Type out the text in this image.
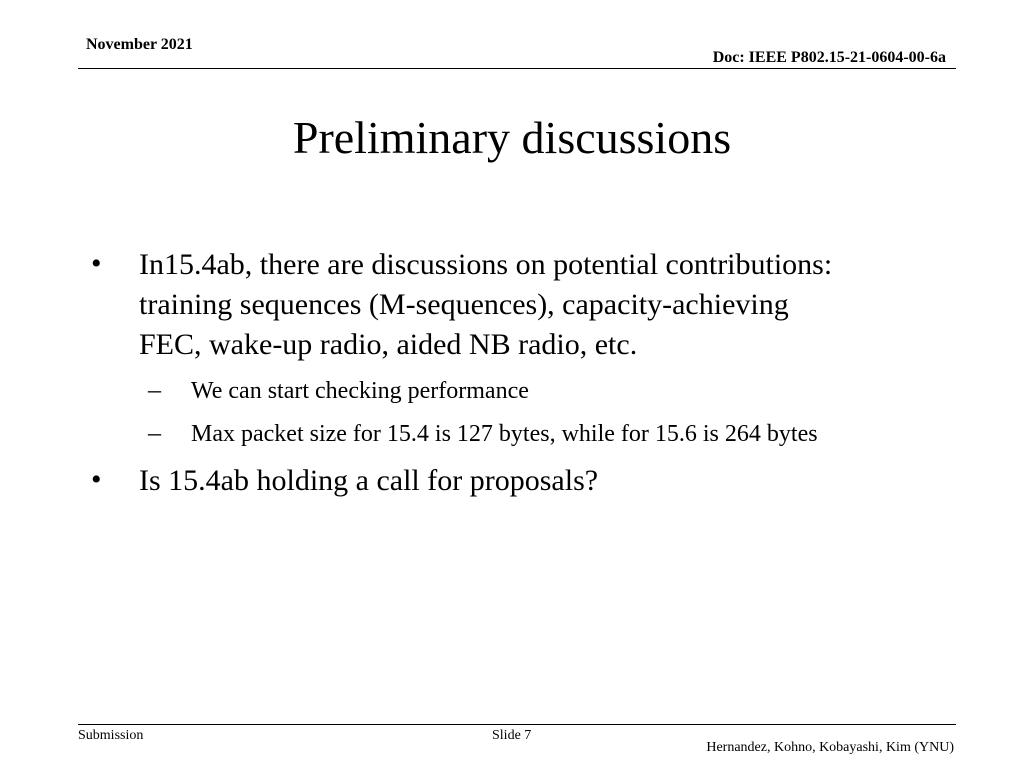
November 2021
Doc: IEEE P802.15-21-0604-00-6a
Preliminary discussions
• In15.4ab, there are discussions on potential contributions:
training sequences (M-sequences), capacity-achieving
FEC, wake-up radio, aided NB radio, etc.
– We can start checking performance
– Max packet size for 15.4 is 127 bytes, while for 15.6 is 264 bytes
• Is 15.4ab holding a call for proposals?
Submission	Slide 7
Hernandez, Kohno, Kobayashi, Kim (YNU)
